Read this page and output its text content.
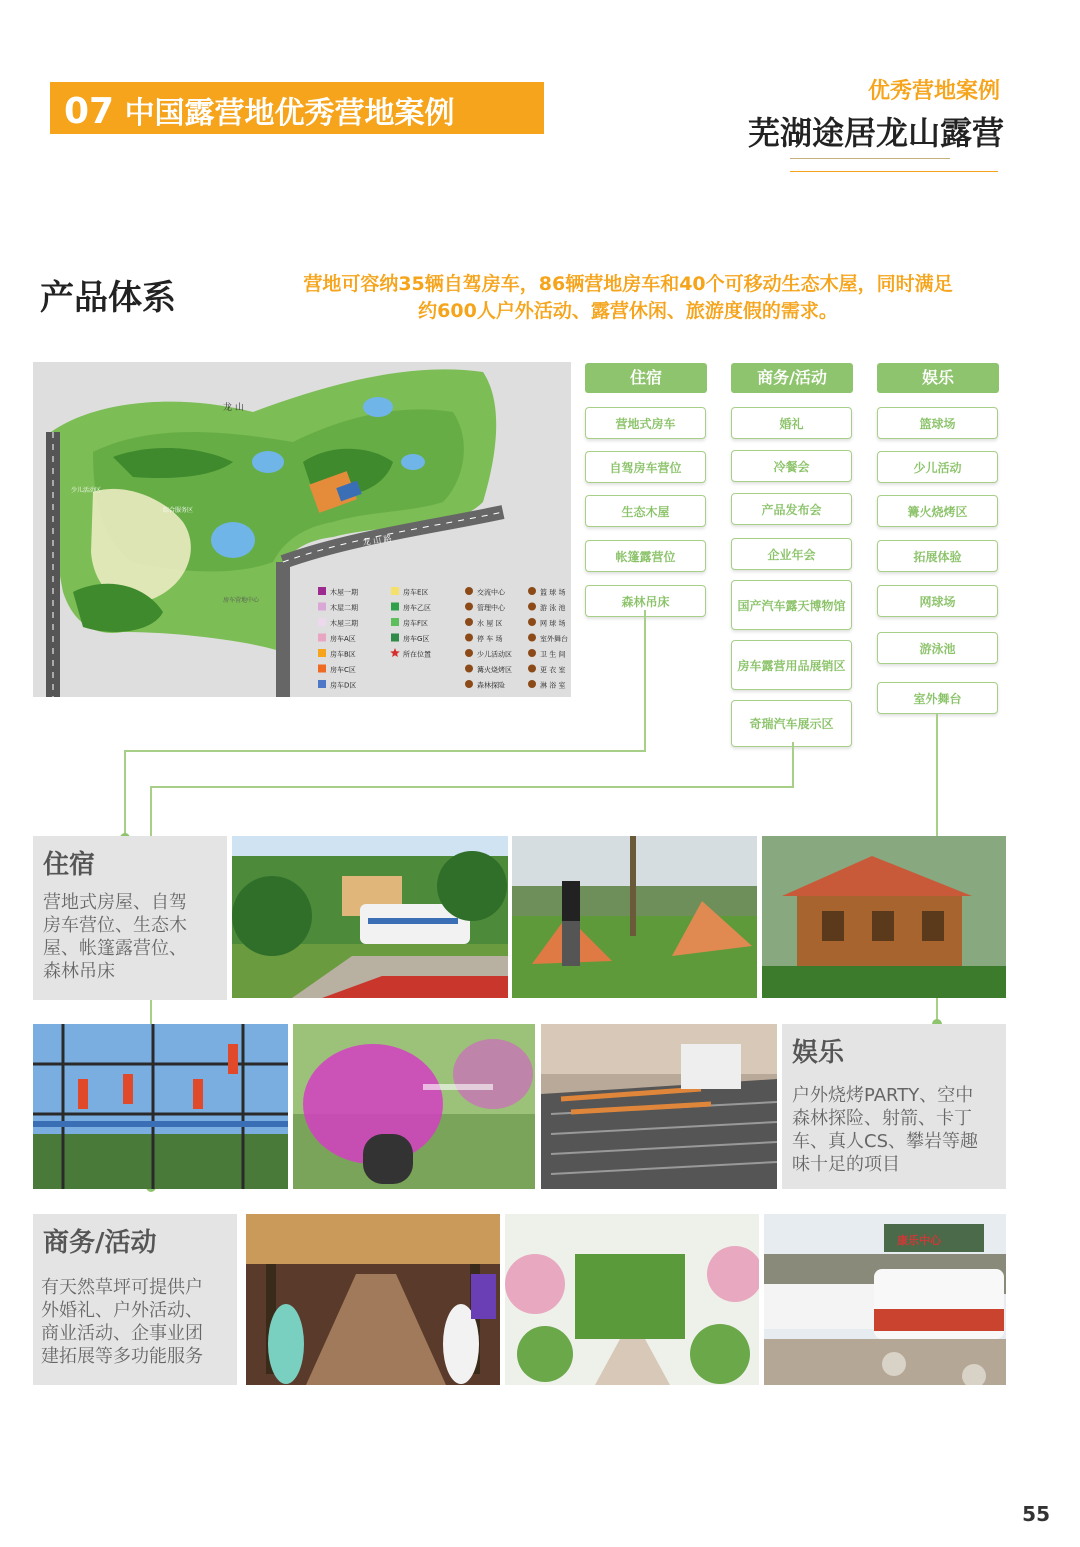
07 中国露营地优秀营地案例
优秀营地案例
芜湖途居龙山露营
产品体系	营地可容纳35辆自驾房车，86辆营地房车和40个可移动生态木屋，同时满足
约600人户外活动、露营休闲、旅游度假的需求。
龙 山
龙 山 路
少儿活动区
综合服务区
房车营地中心
木屋一期
木屋二期
木屋三期
房车A区
房车B区
房车C区
房车D区
房车E区
房车乙区
房车F区
房车G区
所在位置
交流中心
管理中心
水 屋 区
停 车 场
少儿活动区
篝火烧烤区
森林探险
篮 球 场
游 泳 池
网 球 场
室外舞台
卫 生 间
更 衣 室
淋 浴 室
住宿
营地式房车
自驾房车营位
生态木屋
帐篷露营位
森林吊床
商务/活动
婚礼
冷餐会
产品发布会
企业年会
国产汽车露天博物馆
房车露营用品展销区
奇瑞汽车展示区
娱乐
篮球场
少儿活动
篝火烧烤区
拓展体验
网球场
游泳池
室外舞台
住宿
营地式房屋、自驾
房车营位、生态木
屋、帐篷露营位、
森林吊床
娱乐
户外烧烤PARTY、空中
森林探险、射箭、卡丁
车、真人CS、攀岩等趣
味十足的项目
商务/活动
有天然草坪可提供户
外婚礼、户外活动、
商业活动、企事业团
建拓展等多功能服务
康乐中心
55
